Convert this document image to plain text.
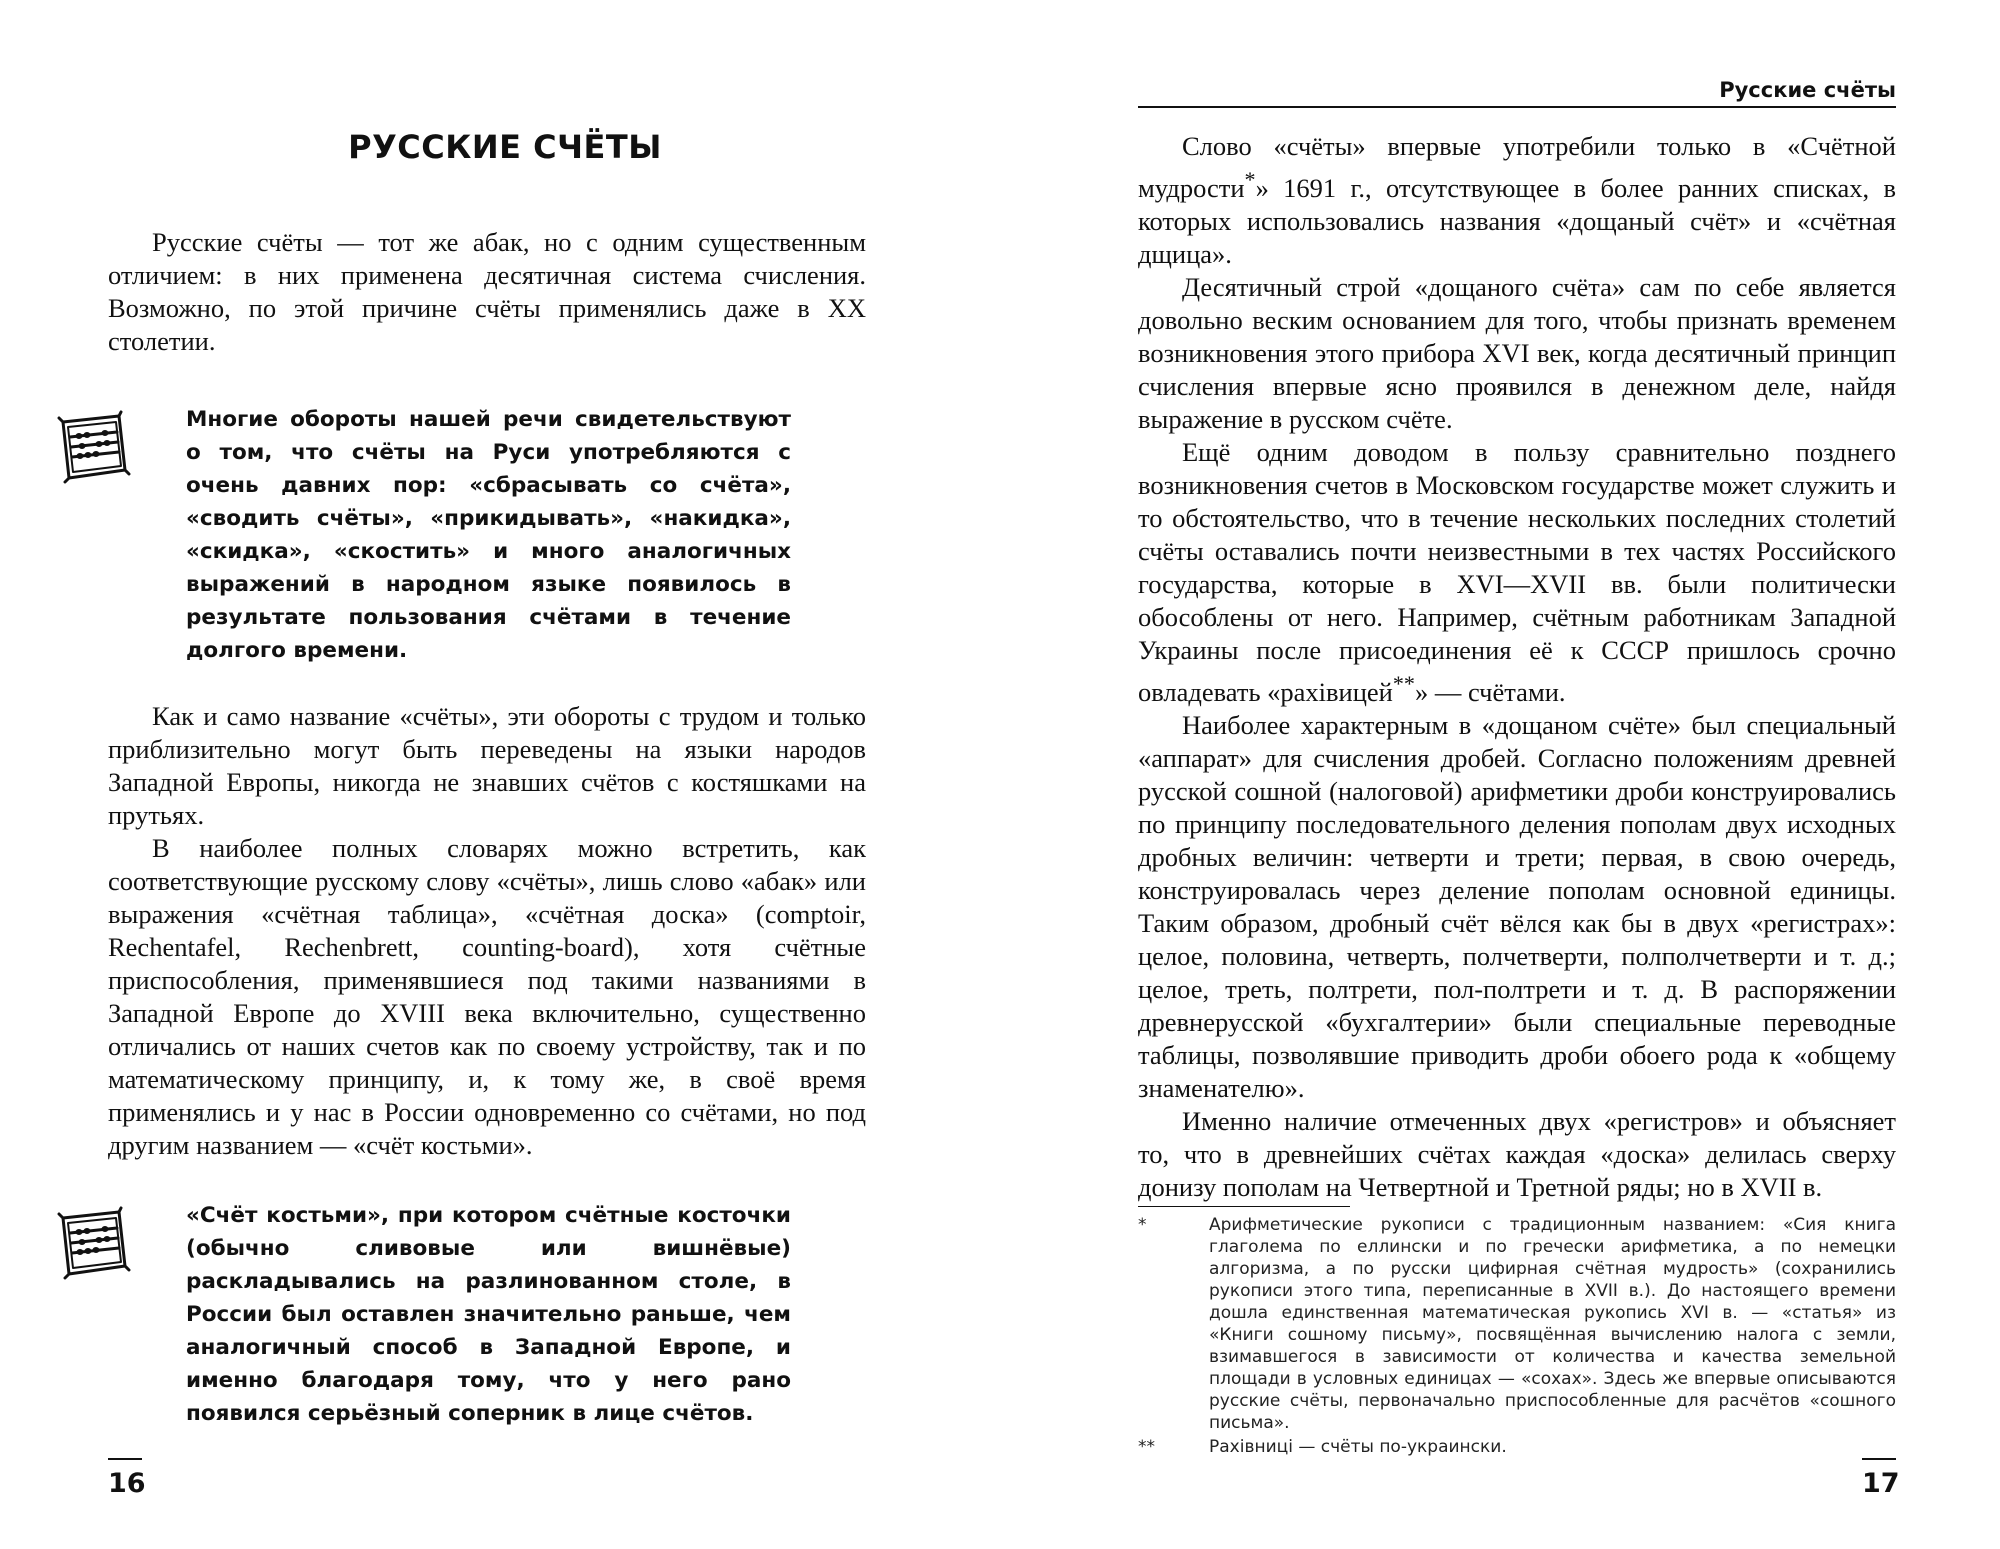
РУССКИЕ СЧЁТЫ

Русские счёты — тот же абак, но с одним существенным отличием: в них применена десятичная система счисления. Возможно, по этой причине счёты применялись даже в XX столетии.

Многие обороты нашей речи свидетельствуют о том, что счёты на Руси употребляются с очень давних пор: «сбрасывать со счёта», «сводить счёты», «прикидывать», «накидка», «скидка», «скостить» и много аналогичных выражений в народном языке появилось в результате пользования счётами в течение долгого времени.

Как и само название «счёты», эти обороты с трудом и только приблизительно могут быть переведены на языки народов Западной Европы, никогда не знавших счётов с костяшками на прутьях.

В наиболее полных словарях можно встретить, как соответствующие русскому слову «счёты», лишь слово «абак» или выражения «счётная таблица», «счётная доска» (comptoir, Rechentafel, Rechenbrett, counting-board), хотя счётные приспособления, применявшиеся под такими названиями в Западной Европе до XVIII века включительно, существенно отличались от наших счетов как по своему устройству, так и по математическому принципу, и, к тому же, в своё время применялись и у нас в России одновременно со счётами, но под другим названием — «счёт костьми».

«Счёт костьми», при котором счётные косточки (обычно сливовые или вишнёвые) раскладывались на разлинованном столе, в России был оставлен значительно раньше, чем аналогичный способ в Западной Европе, и именно благодаря тому, что у него рано появился серьёзный соперник в лице счётов.

16

Русские счёты

Слово «счёты» впервые употребили только в «Счётной мудрости*» 1691 г., отсутствующее в более ранних списках, в которых использовались названия «дощаный счёт» и «счётная дщица».

Десятичный строй «дощаного счёта» сам по себе является довольно веским основанием для того, чтобы признать временем возникновения этого прибора XVI век, когда десятичный принцип счисления впервые ясно проявился в денежном деле, найдя выражение в русском счёте.

Ещё одним доводом в пользу сравнительно позднего возникновения счетов в Московском государстве может служить и то обстоятельство, что в течение нескольких последних столетий счёты оставались почти неизвестными в тех частях Российского государства, которые в XVI—XVII вв. были политически обособлены от него. Например, счётным работникам Западной Украины после присоединения её к СССР пришлось срочно овладевать «рахівицей**» — счётами.

Наиболее характерным в «дощаном счёте» был специальный «аппарат» для счисления дробей. Согласно положениям древней русской сошной (налоговой) арифметики дроби конструировались по принципу последовательного деления пополам двух исходных дробных величин: четверти и трети; первая, в свою очередь, конструировалась через деление пополам основной единицы. Таким образом, дробный счёт вёлся как бы в двух «регистрах»: целое, половина, четверть, полчетверти, полполчетверти и т. д.; целое, треть, полтрети, пол-полтрети и т. д. В распоряжении древнерусской «бухгалтерии» были специальные переводные таблицы, позволявшие приводить дроби обоего рода к «общему знаменателю».

Именно наличие отмеченных двух «регистров» и объясняет то, что в древнейших счётах каждая «доска» делилась сверху донизу пополам на Четвертной и Третной ряды; но в XVII в.

*	Арифметические рукописи с традиционным названием: «Сия книга глаголема по еллински и по гречески арифметика, а по немецки алгоризма, а по русски цифирная счётная мудрость» (сохранились рукописи этого типа, переписанные в XVII в.). До настоящего времени дошла единственная математическая рукопись XVI в. — «статья» из «Книги сошному письму», посвящённая вычислению налога с земли, взимавшегося в зависимости от количества и качества земельной площади в условных единицах — «сохах». Здесь же впервые описываются русские счёты, первоначально приспособленные для расчётов «сошного письма».

**	Рахівниці — счёты по-украински.

17
